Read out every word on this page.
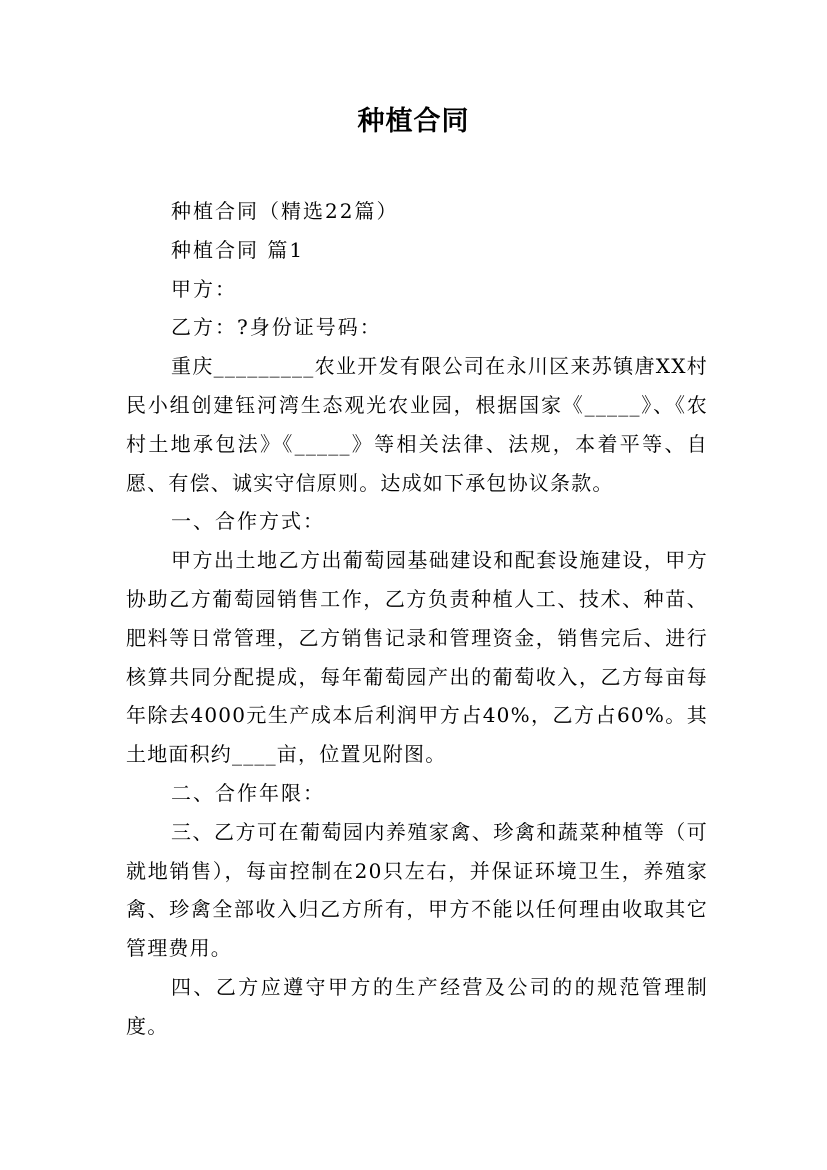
种植合同
种植合同（精选22篇）
种植合同 篇1
甲方：
乙方：?身份证号码：

重庆_________农业开发有限公司在永川区来苏镇唐XX村民小组创建钰河湾生态观光农业园，根据国家《_____》、《农村土地承包法》《_____》等相关法律、法规，本着平等、自愿、有偿、诚实守信原则。达成如下承包协议条款。

一、合作方式：

甲方出土地乙方出葡萄园基础建设和配套设施建设，甲方协助乙方葡萄园销售工作，乙方负责种植人工、技术、种苗、肥料等日常管理，乙方销售记录和管理资金，销售完后、进行核算共同分配提成，每年葡萄园产出的葡萄收入，乙方每亩每年除去4000元生产成本后利润甲方占40%，乙方占60%。其土地面积约____亩，位置见附图。

二、合作年限：

三、乙方可在葡萄园内养殖家禽、珍禽和蔬菜种植等（可就地销售），每亩控制在20只左右，并保证环境卫生，养殖家禽、珍禽全部收入归乙方所有，甲方不能以任何理由收取其它管理费用。

四、乙方应遵守甲方的生产经营及公司的的规范管理制度。
